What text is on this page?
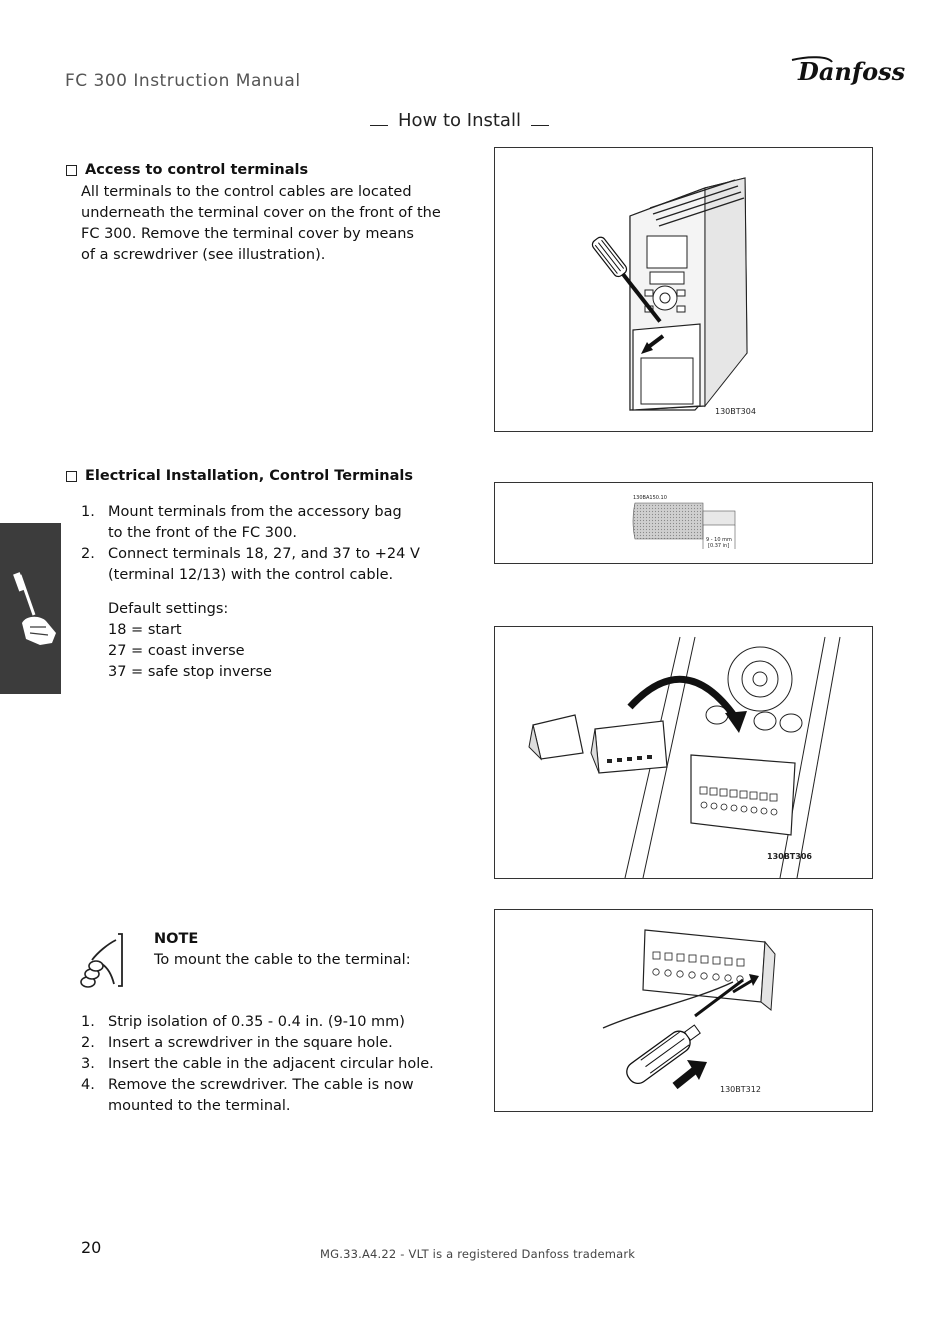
FC 300 Instruction Manual	Danfoss
How to Install
Access to control terminals
All terminals to the control cables are located
underneath the terminal cover on the front of the
FC 300. Remove the terminal cover by means
of a screwdriver (see illustration).
130BT304
Electrical Installation, Control Terminals
1. Mount terminals from the accessory bag
to the front of the FC 300.
2. Connect terminals 18, 27, and 37 to +24 V
(terminal 12/13) with the control cable.
Default settings:
18 = start
27 = coast inverse
37 = safe stop inverse
130BA150.10
9 - 10 mm
[0.37 in]
130BT306
NOTE
To mount the cable to the terminal:
1. Strip isolation of 0.35 - 0.4 in. (9-10 mm)
2. Insert a screwdriver in the square hole.
3. Insert the cable in the adjacent circular hole.
4. Remove the screwdriver. The cable is now
mounted to the terminal.
130BT312
20	MG.33.A4.22 - VLT is a registered Danfoss trademark
